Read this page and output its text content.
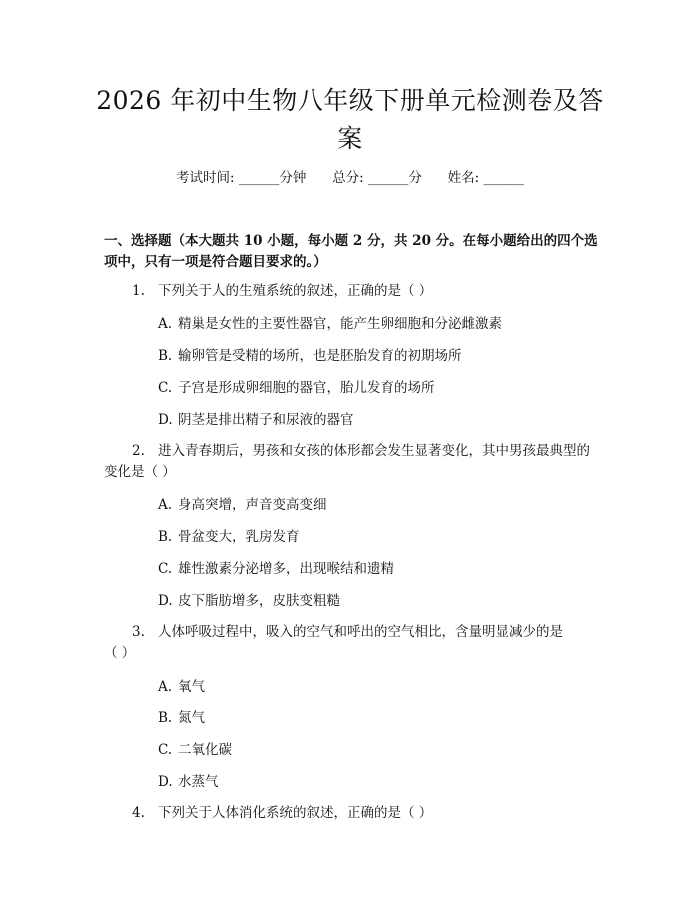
2026 年初中生物八年级下册单元检测卷及答
案
考试时间: ______分钟      总分: ______分      姓名: ______
一、选择题（本大题共 10 小题，每小题 2 分，共 20 分。在每小题给出的四个选
项中，只有一项是符合题目要求的。）
1. 下列关于人的生殖系统的叙述，正确的是（ ）
A. 精巢是女性的主要性器官，能产生卵细胞和分泌雌激素
B. 输卵管是受精的场所，也是胚胎发育的初期场所
C. 子宫是形成卵细胞的器官，胎儿发育的场所
D. 阴茎是排出精子和尿液的器官
2. 进入青春期后，男孩和女孩的体形都会发生显著变化，其中男孩最典型的
变化是（ ）
A. 身高突增，声音变高变细
B. 骨盆变大，乳房发育
C. 雄性激素分泌增多，出现喉结和遗精
D. 皮下脂肪增多，皮肤变粗糙
3. 人体呼吸过程中，吸入的空气和呼出的空气相比，含量明显减少的是
（ ）
A. 氧气
B. 氮气
C. 二氧化碳
D. 水蒸气
4. 下列关于人体消化系统的叙述，正确的是（ ）
